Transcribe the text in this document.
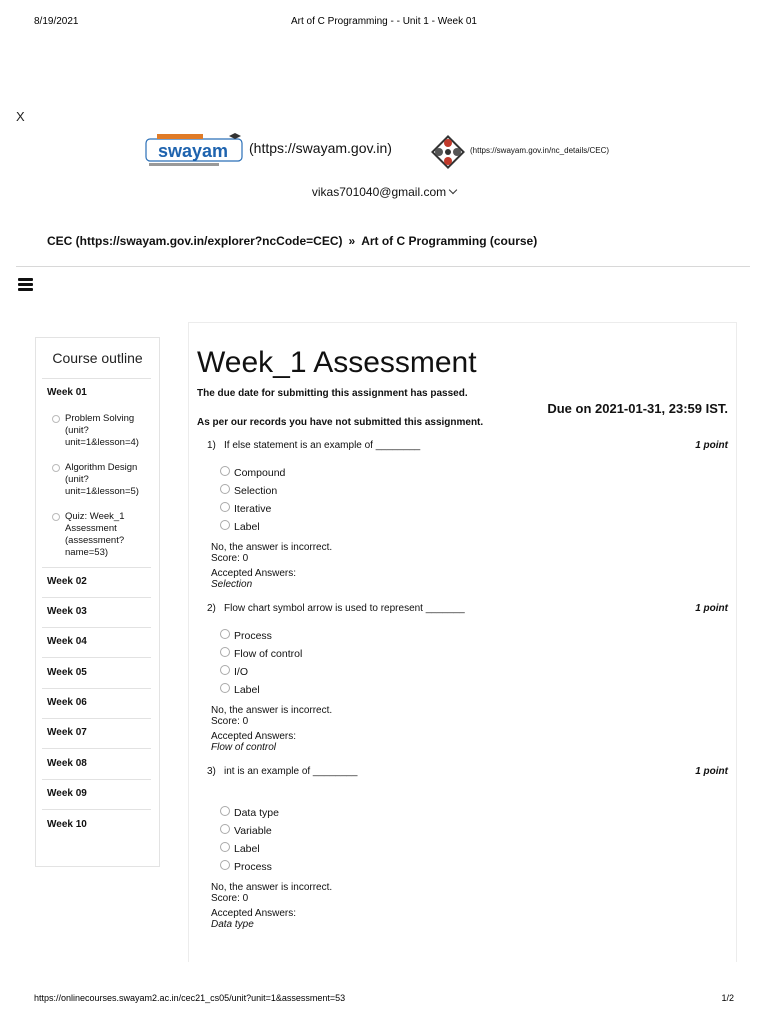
8/19/2021	Art of C Programming - - Unit 1 - Week 01
X
swayam (https://swayam.gov.in)	(https://swayam.gov.in/nc_details/CEC)
vikas701040@gmail.com
CEC (https://swayam.gov.in/explorer?ncCode=CEC) » Art of C Programming (course)
Course outline
Week 01
Problem Solving
(unit?
unit=1&lesson=4)
Algorithm Design
(unit?
unit=1&lesson=5)
Quiz: Week_1
Assessment
(assessment?
name=53)
Week 02
Week 03
Week 04
Week 05
Week 06
Week 07
Week 08
Week 09
Week 10
Week_1 Assessment
The due date for submitting this assignment has passed.
Due on 2021-01-31, 23:59 IST.
As per our records you have not submitted this assignment.
1) If else statement is an example of ________	1 point
Compound
Selection
Iterative
Label
No, the answer is incorrect.
Score: 0
Accepted Answers:
Selection
2) Flow chart symbol arrow is used to represent _______	1 point
Process
Flow of control
I/O
Label
No, the answer is incorrect.
Score: 0
Accepted Answers:
Flow of control
3) int is an example of ________	1 point
Data type
Variable
Label
Process
No, the answer is incorrect.
Score: 0
Accepted Answers:
Data type
https://onlinecourses.swayam2.ac.in/cec21_cs05/unit?unit=1&assessment=53	1/2
